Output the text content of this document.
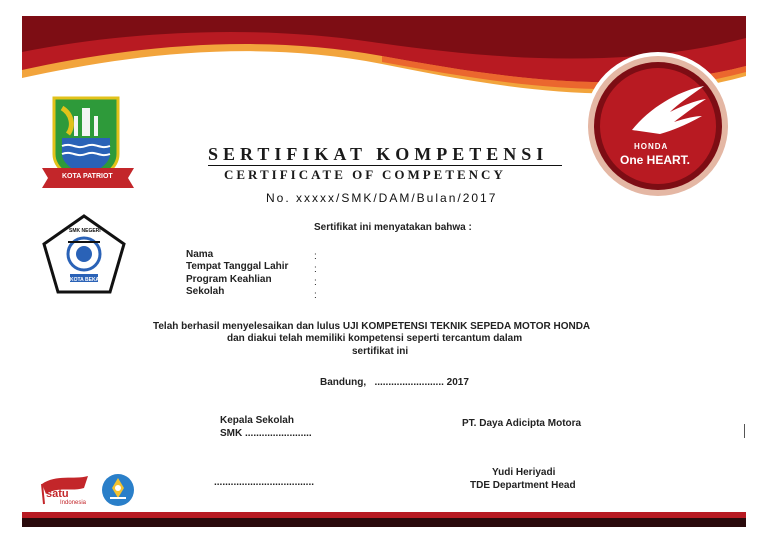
HONDA
One HEART.
KOTA PATRIOT
SMK NEGERI
KOTA BEKASI
SERTIFIKAT KOMPETENSI
CERTIFICATE OF COMPETENCY
No. xxxxx/SMK/DAM/Bulan/2017
Sertifikat ini menyatakan bahwa :
Nama	:
Tempat Tanggal Lahir	:
Program Keahlian	:
Sekolah	:
Telah berhasil menyelesaikan dan lulus UJI KOMPETENSI TEKNIK SEPEDA MOTOR HONDA
dan diakui telah memiliki kompetensi seperti tercantum dalam
sertifikat ini
Bandung,   ......................... 2017
Kepala Sekolah
SMK ........................
....................................
PT. Daya Adicipta Motora
Yudi Heriyadi
TDE Department Head
satu
Indonesia
